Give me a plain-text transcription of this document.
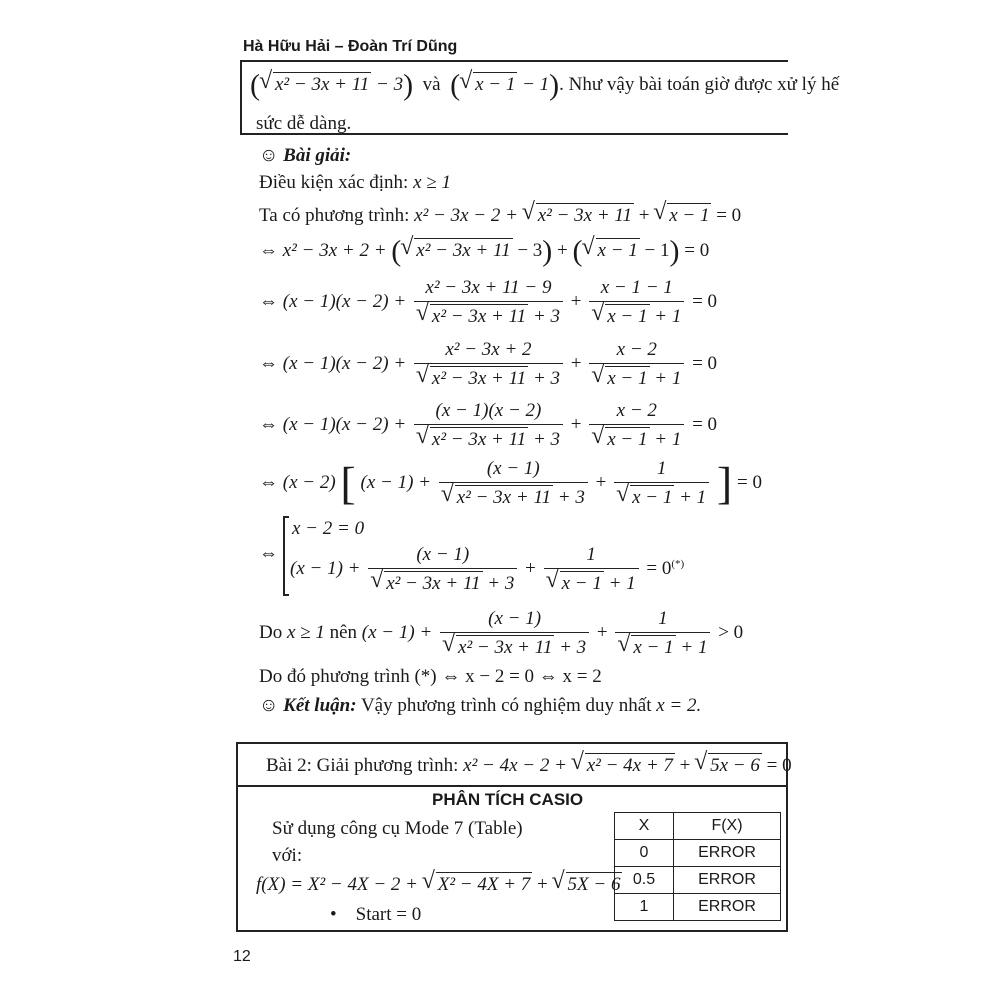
Hà Hữu Hải – Đoàn Trí Dũng
( √ x² − 3x + 11 − 3) và ( √ x − 1 − 1). Như vậy bài toán giờ được xử lý hế
sức dễ dàng.
☺ Bài giải:
Điều kiện xác định: x ≥ 1
Ta có phương trình: x² − 3x − 2 + √ x² − 3x + 11 + √ x − 1 = 0
⇔ x² − 3x + 2 + ( √ x² − 3x + 11 − 3) + ( √ x − 1 − 1) = 0
⇔ (x − 1)(x − 2) + x² − 3x + 11 − 9
√ x² − 3x + 11 + 3 + x − 1 − 1
√ x − 1 + 1 = 0
⇔ (x − 1)(x − 2) + x² − 3x + 2
√ x² − 3x + 11 + 3 + x − 2
√ x − 1 + 1 = 0
⇔ (x − 1)(x − 2) + (x − 1)(x − 2)
√ x² − 3x + 11 + 3 + x − 2
√ x − 1 + 1 = 0
⇔ (x − 2) [ (x − 1) + (x − 1)
√ x² − 3x + 11 + 3 + 1
√ x − 1 + 1 ] = 0
⇔
x − 2 = 0
(x − 1) + (x − 1)
√ x² − 3x + 11 + 3 + 1
√ x − 1 + 1 = 0(*)
Do x ≥ 1 nên (x − 1) + (x − 1)
√ x² − 3x + 11 + 3 + 1
√ x − 1 + 1 > 0
Do đó phương trình (*) ⇔ x − 2 = 0 ⇔ x = 2
☺ Kết luận: Vậy phương trình có nghiệm duy nhất x = 2.
Bài 2: Giải phương trình: x² − 4x − 2 + √ x² − 4x + 7 + √ 5x − 6 = 0
PHÂN TÍCH CASIO
Sử dụng công cụ Mode 7 (Table)
với:
f(X) = X² − 4X − 2 + √ X² − 4X + 7 + √ 5X − 6
• Start = 0
X	F(X)
0	ERROR
0.5	ERROR
1	ERROR
12
